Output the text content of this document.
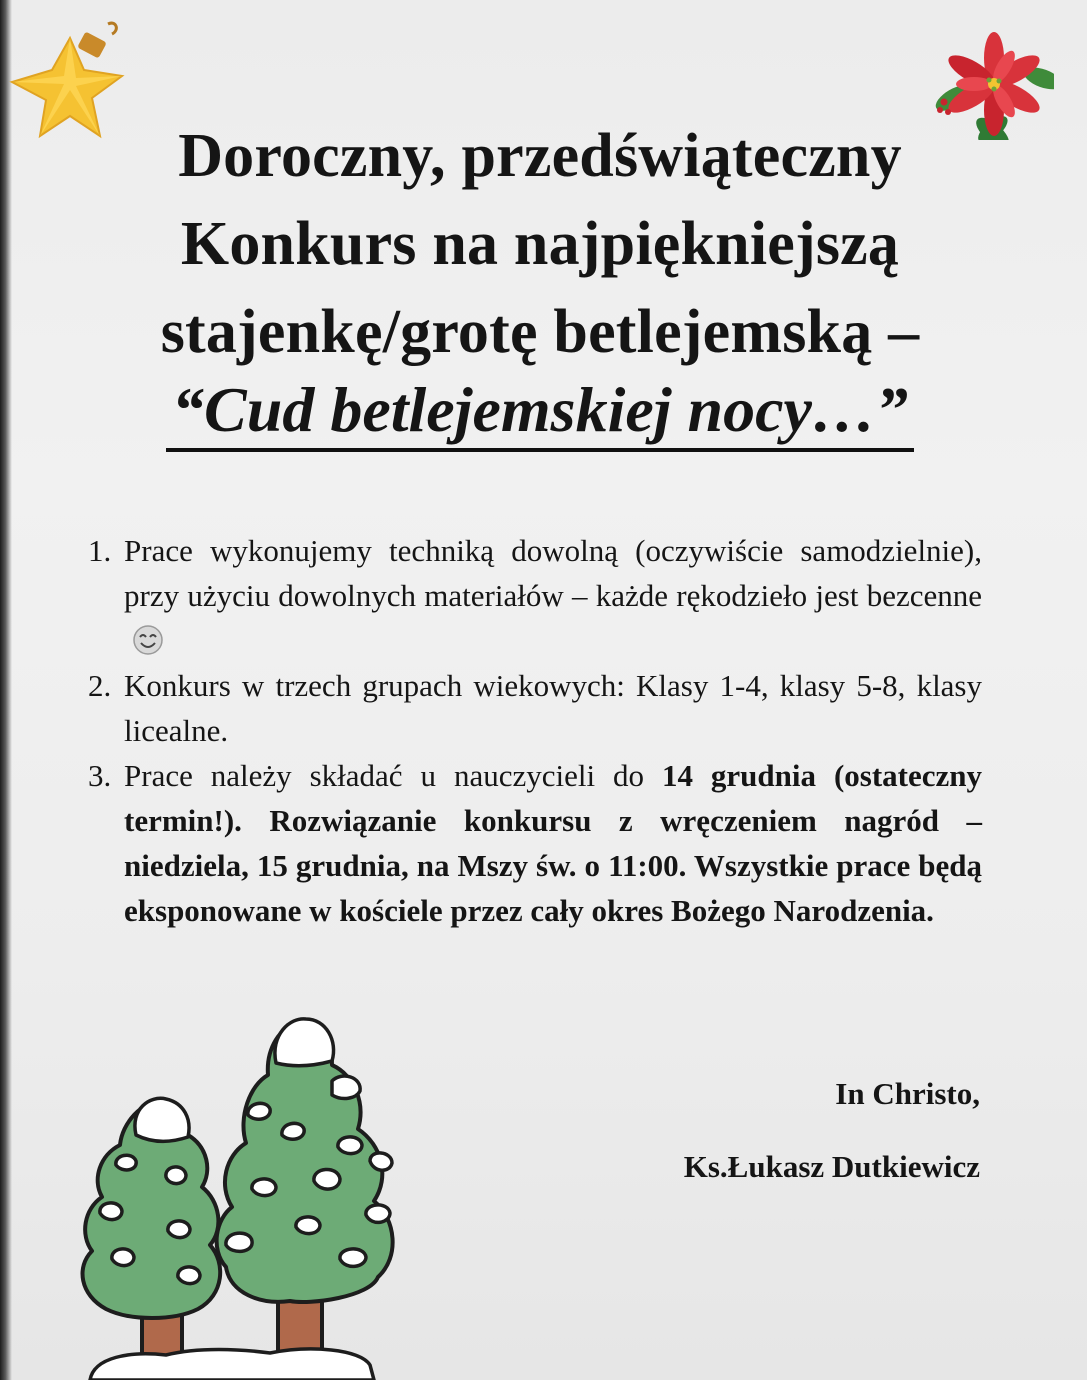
Doroczny, przedświąteczny
Konkurs na najpiękniejszą
stajenkę/grotę betlejemską –
“Cud betlejemskiej nocy…”
1. Prace wykonujemy techniką dowolną (oczywiście samodzielnie), przy użyciu dowolnych materiałów – każde rękodzieło jest bezcenne
2. Konkurs w trzech grupach wiekowych: Klasy 1-4, klasy 5-8, klasy licealne.
3. Prace należy składać u nauczycieli do 14 grudnia (ostateczny termin!). Rozwiązanie konkursu z wręczeniem nagród – niedziela, 15 grudnia, na Mszy św. o 11:00. Wszystkie prace będą eksponowane w kościele przez cały okres Bożego Narodzenia.
In Christo,
Ks.Łukasz Dutkiewicz
